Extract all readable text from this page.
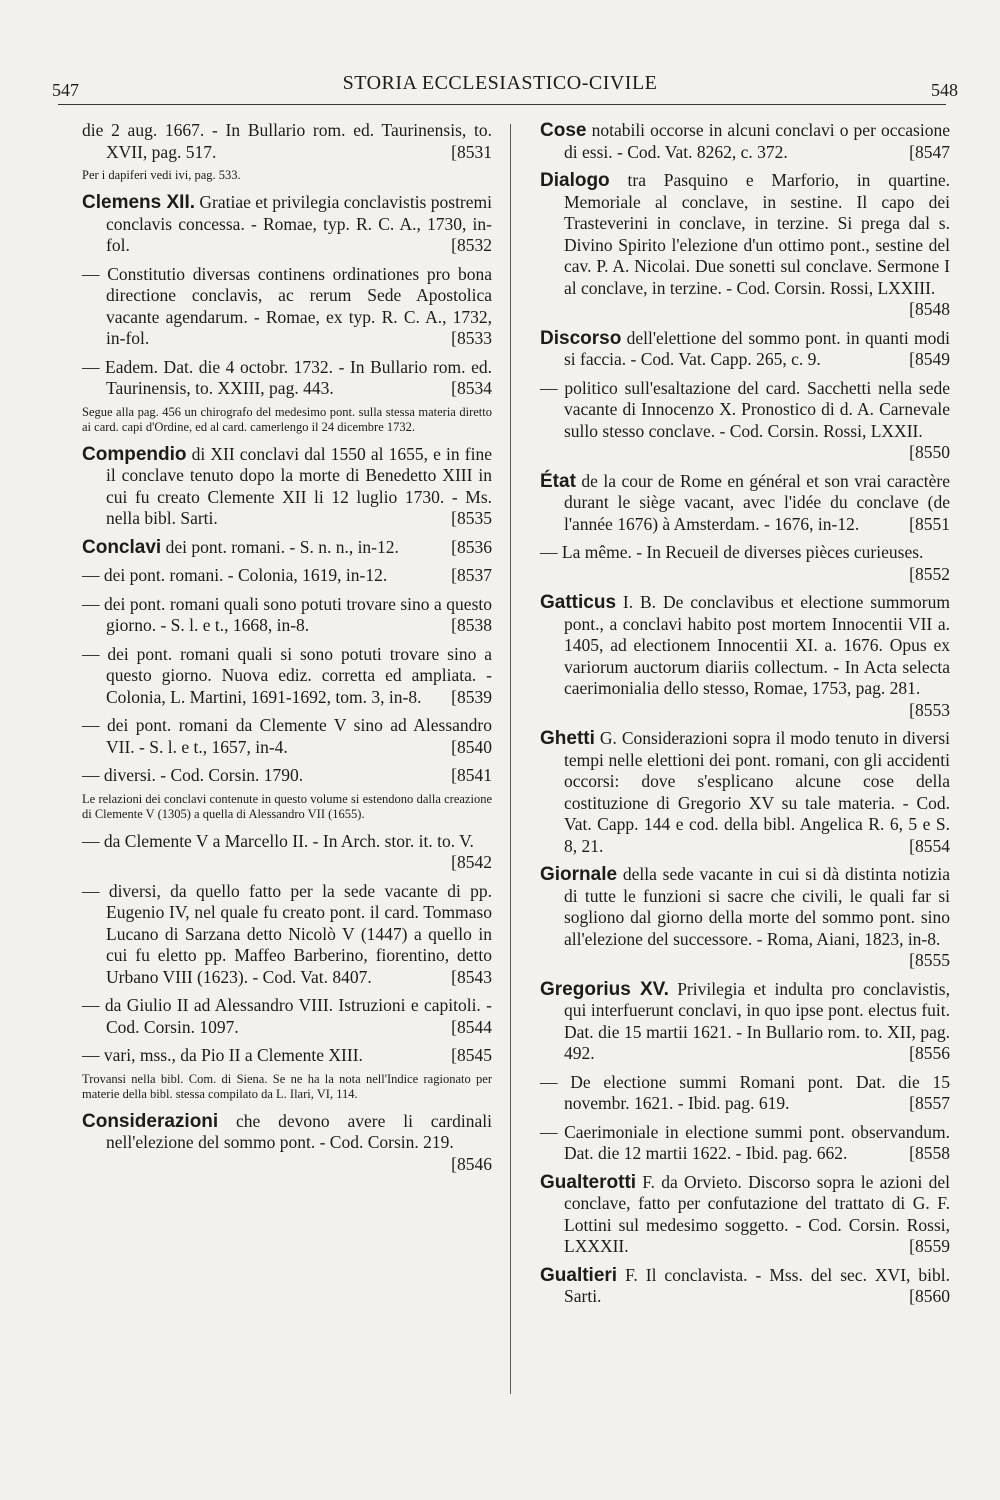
547	STORIA ECCLESIASTICO-CIVILE	548
die 2 aug. 1667. - In Bullario rom. ed. Taurinensis, to. XVII, pag. 517.	[8531
Per i dapiferi vedi ivi, pag. 533.
Clemens XII. Gratiae et privilegia conclavistis postremi conclavis concessa. - Romae, typ. R. C. A., 1730, in-fol.	[8532
— Constitutio diversas continens ordinationes pro bona directione conclavis, ac rerum Sede Apostolica vacante agendarum. - Romae, ex typ. R. C. A., 1732, in-fol.	[8533
— Eadem. Dat. die 4 octobr. 1732. - In Bullario rom. ed. Taurinensis, to. XXIII, pag. 443.	[8534
Segue alla pag. 456 un chirografo del medesimo pont. sulla stessa materia diretto ai card. capi d'Ordine, ed al card. camerlengo il 24 dicembre 1732.
Compendio di XII conclavi dal 1550 al 1655, e in fine il conclave tenuto dopo la morte di Benedetto XIII in cui fu creato Clemente XII li 12 luglio 1730. - Ms. nella bibl. Sarti.	[8535
Conclavi dei pont. romani. - S. n. n., in-12.	[8536
— dei pont. romani. - Colonia, 1619, in-12.	[8537
— dei pont. romani quali sono potuti trovare sino a questo giorno. - S. l. e t., 1668, in-8.	[8538
— dei pont. romani quali si sono potuti trovare sino a questo giorno. Nuova ediz. corretta ed ampliata. - Colonia, L. Martini, 1691-1692, tom. 3, in-8. [8539
— dei pont. romani da Clemente V sino ad Alessandro VII. - S. l. e t., 1657, in-4.	[8540
— diversi. - Cod. Corsin. 1790.	[8541
Le relazioni dei conclavi contenute in questo volume si estendono dalla creazione di Clemente V (1305) a quella di Alessandro VII (1655).
— da Clemente V a Marcello II. - In Arch. stor. it. to. V.
[8542
— diversi, da quello fatto per la sede vacante di pp. Eugenio IV, nel quale fu creato pont. il card. Tommaso Lucano di Sarzana detto Nicolò V (1447) a quello in cui fu eletto pp. Maffeo Barberino, fiorentino, detto Urbano VIII (1623). - Cod. Vat. 8407.	[8543
— da Giulio II ad Alessandro VIII. Istruzioni e capitoli. - Cod. Corsin. 1097.	[8544
— vari, mss., da Pio II a Clemente XIII.	[8545
Trovansi nella bibl. Com. di Siena. Se ne ha la nota nell'Indice ragionato per materie della bibl. stessa compilato da L. Ilari, VI, 114.
Considerazioni che devono avere li cardinali nell'elezione del sommo pont. - Cod. Corsin. 219.
[8546
Cose notabili occorse in alcuni conclavi o per occasione di essi. - Cod. Vat. 8262, c. 372.	[8547
Dialogo tra Pasquino e Marforio, in quartine. Memoriale al conclave, in sestine. Il capo dei Trasteverini in conclave, in terzine. Si prega dal s. Divino Spirito l'elezione d'un ottimo pont., sestine del cav. P. A. Nicolai. Due sonetti sul conclave. Sermone I al conclave, in terzine. - Cod. Corsin. Rossi, LXXIII.
[8548
Discorso dell'elettione del sommo pont. in quanti modi si faccia. - Cod. Vat. Capp. 265, c. 9.	[8549
— politico sull'esaltazione del card. Sacchetti nella sede vacante di Innocenzo X. Pronostico di d. A. Carnevale sullo stesso conclave. - Cod. Corsin. Rossi, LXXII.
[8550
État de la cour de Rome en général et son vrai caractère durant le siège vacant, avec l'idée du conclave (de l'année 1676) à Amsterdam. - 1676, in-12.	[8551
— La même. - In Recueil de diverses pièces curieuses.
[8552
Gatticus I. B. De conclavibus et electione summorum pont., a conclavi habito post mortem Innocentii VII a. 1405, ad electionem Innocentii XI. a. 1676. Opus ex variorum auctorum diariis collectum. - In Acta selecta caerimonialia dello stesso, Romae, 1753, pag. 281.
[8553
Ghetti G. Considerazioni sopra il modo tenuto in diversi tempi nelle elettioni dei pont. romani, con gli accidenti occorsi: dove s'esplicano alcune cose della costituzione di Gregorio XV su tale materia. - Cod. Vat. Capp. 144 e cod. della bibl. Angelica R. 6, 5 e S. 8, 21.	[8554
Giornale della sede vacante in cui si dà distinta notizia di tutte le funzioni si sacre che civili, le quali far si sogliono dal giorno della morte del sommo pont. sino all'elezione del successore. - Roma, Aiani, 1823, in-8.
[8555
Gregorius XV. Privilegia et indulta pro conclavistis, qui interfuerunt conclavi, in quo ipse pont. electus fuit. Dat. die 15 martii 1621. - In Bullario rom. to. XII, pag. 492.	[8556
— De electione summi Romani pont. Dat. die 15 novembr. 1621. - Ibid. pag. 619.	[8557
— Caerimoniale in electione summi pont. observandum. Dat. die 12 martii 1622. - Ibid. pag. 662.	[8558
Gualterotti F. da Orvieto. Discorso sopra le azioni del conclave, fatto per confutazione del trattato di G. F. Lottini sul medesimo soggetto. - Cod. Corsin. Rossi, LXXXII.	[8559
Gualtieri F. Il conclavista. - Mss. del sec. XVI, bibl. Sarti.	[8560
